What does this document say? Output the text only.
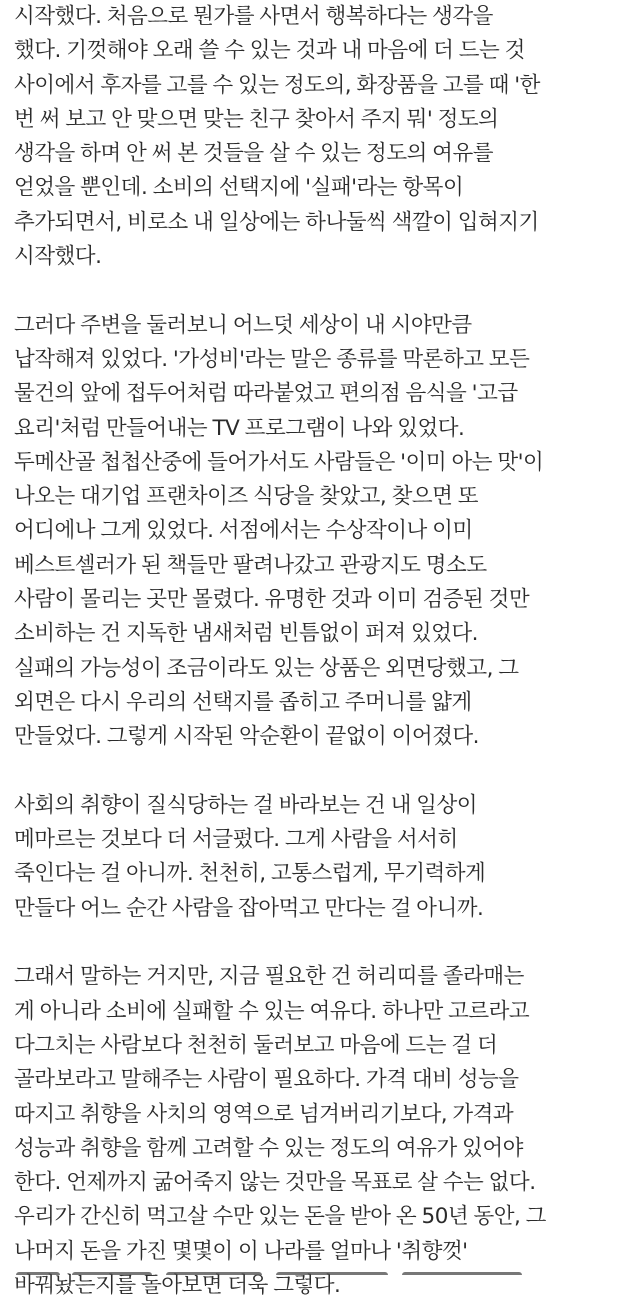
시작했다. 처음으로 뭔가를 사면서 행복하다는 생각을
했다. 기껏해야 오래 쓸 수 있는 것과 내 마음에 더 드는 것
사이에서 후자를 고를 수 있는 정도의, 화장품을 고를 때 '한
번 써 보고 안 맞으면 맞는 친구 찾아서 주지 뭐' 정도의
생각을 하며 안 써 본 것들을 살 수 있는 정도의 여유를
얻었을 뿐인데. 소비의 선택지에 '실패'라는 항목이
추가되면서, 비로소 내 일상에는 하나둘씩 색깔이 입혀지기
시작했다.
그러다 주변을 둘러보니 어느덧 세상이 내 시야만큼
납작해져 있었다. '가성비'라는 말은 종류를 막론하고 모든
물건의 앞에 접두어처럼 따라붙었고 편의점 음식을 '고급
요리'처럼 만들어내는 TV 프로그램이 나와 있었다.
두메산골 첩첩산중에 들어가서도 사람들은 '이미 아는 맛'이
나오는 대기업 프랜차이즈 식당을 찾았고, 찾으면 또
어디에나 그게 있었다. 서점에서는 수상작이나 이미
베스트셀러가 된 책들만 팔려나갔고 관광지도 명소도
사람이 몰리는 곳만 몰렸다. 유명한 것과 이미 검증된 것만
소비하는 건 지독한 냄새처럼 빈틈없이 퍼져 있었다.
실패의 가능성이 조금이라도 있는 상품은 외면당했고, 그
외면은 다시 우리의 선택지를 좁히고 주머니를 얇게
만들었다. 그렇게 시작된 악순환이 끝없이 이어졌다.
사회의 취향이 질식당하는 걸 바라보는 건 내 일상이
메마르는 것보다 더 서글펐다. 그게 사람을 서서히
죽인다는 걸 아니까. 천천히, 고통스럽게, 무기력하게
만들다 어느 순간 사람을 잡아먹고 만다는 걸 아니까.
그래서 말하는 거지만, 지금 필요한 건 허리띠를 졸라매는
게 아니라 소비에 실패할 수 있는 여유다. 하나만 고르라고
다그치는 사람보다 천천히 둘러보고 마음에 드는 걸 더
골라보라고 말해주는 사람이 필요하다. 가격 대비 성능을
따지고 취향을 사치의 영역으로 넘겨버리기보다, 가격과
성능과 취향을 함께 고려할 수 있는 정도의 여유가 있어야
한다. 언제까지 굶어죽지 않는 것만을 목표로 살 수는 없다.
우리가 간신히 먹고살 수만 있는 돈을 받아 온 50년 동안, 그
나머지 돈을 가진 몇몇이 이 나라를 얼마나 '취향껏'
바꿔놨는지를 돌아보면 더욱 그렇다.
